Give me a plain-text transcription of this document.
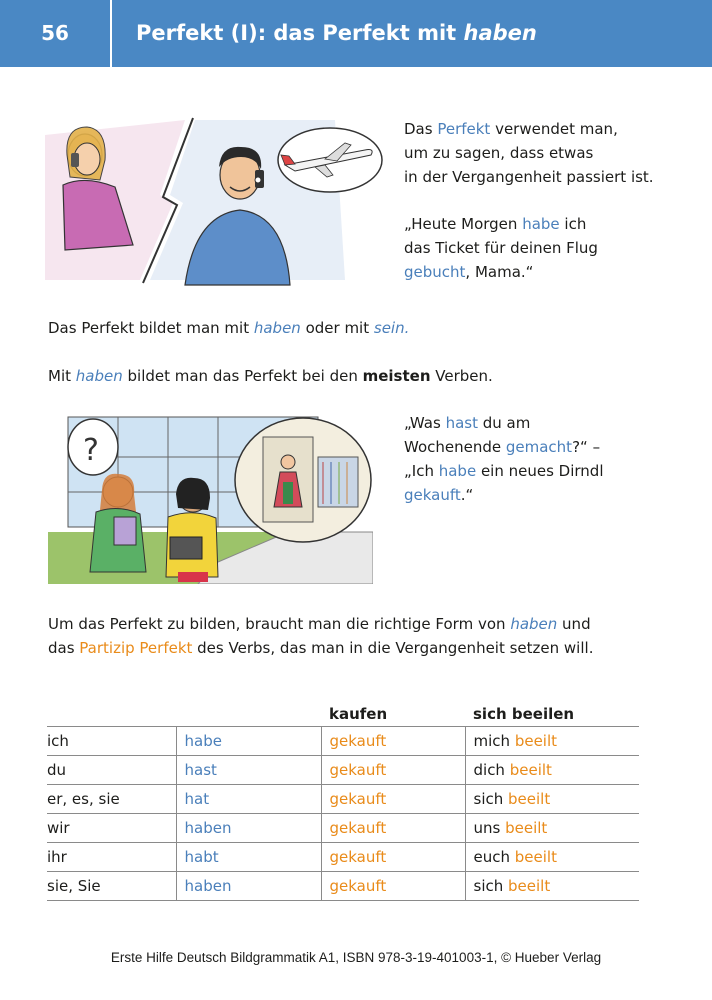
56	Perfekt (I): das Perfekt mit haben
Das Perfekt verwendet man,
um zu sagen, dass etwas
in der Vergangenheit passiert ist.
„Heute Morgen habe ich
das Ticket für deinen Flug
gebucht, Mama.“
Das Perfekt bildet man mit haben oder mit sein.
Mit haben bildet man das Perfekt bei den meisten Verben.
?
„Was hast du am
Wochenende gemacht?“ –
„Ich habe ein neues Dirndl
gekauft.“
Um das Perfekt zu bilden, braucht man die richtige Form von haben und
das Partizip Perfekt des Verbs, das man in die Vergangenheit setzen will.
		kaufen	sich beeilen
ich	habe	gekauft	mich beeilt
du	hast	gekauft	dich beeilt
er, es, sie	hat	gekauft	sich beeilt
wir	haben	gekauft	uns beeilt
ihr	habt	gekauft	euch beeilt
sie, Sie	haben	gekauft	sich beeilt
Erste Hilfe Deutsch Bildgrammatik A1, ISBN 978-3-19-401003-1, © Hueber Verlag
